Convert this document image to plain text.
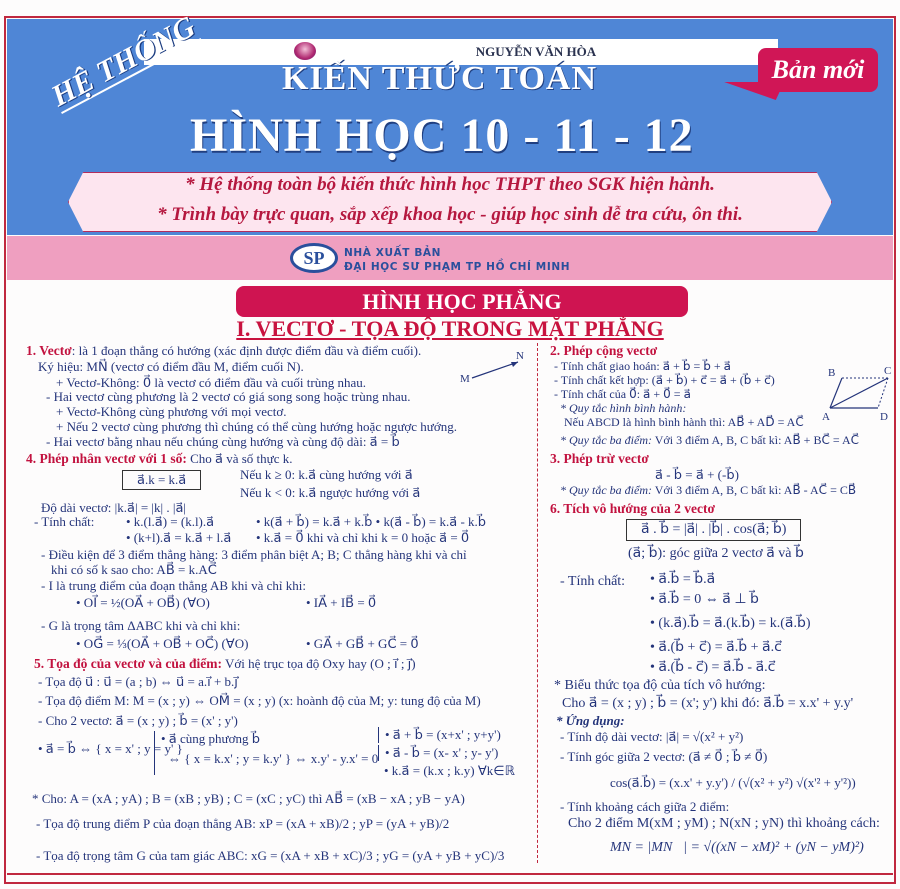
NGUYỄN VĂN HÒA
HỆ THỐNG KIẾN THỨC TOÁN
HÌNH HỌC 10 - 11 - 12
Bản mới
* Hệ thống toàn bộ kiến thức hình học THPT theo SGK hiện hành.
* Trình bày trực quan, sắp xếp khoa học - giúp học sinh dễ tra cứu, ôn thi.
SP	NHÀ XUẤT BẢN
ĐẠI HỌC SƯ PHẠM TP HỒ CHÍ MINH
HÌNH HỌC PHẲNG
I. VECTƠ - TỌA ĐỘ TRONG MẶT PHẲNG
1. Vectơ: là 1 đoạn thẳng có hướng (xác định được điểm đầu và điểm cuối).
Ký hiệu: MN⃗ (vectơ có điểm đầu M, điểm cuối N).
+ Vectơ-Không: 0⃗ là vectơ có điểm đầu và cuối trùng nhau.
- Hai vectơ cùng phương là 2 vectơ có giá song song hoặc trùng nhau.
+ Vectơ-Không cùng phương với mọi vectơ.
+ Nếu 2 vectơ cùng phương thì chúng có thể cùng hướng hoặc ngược hướng.
- Hai vectơ bằng nhau nếu chúng cùng hướng và cùng độ dài: a⃗ = b⃗
4. Phép nhân vectơ với 1 số: Cho a⃗ và số thực k.
a⃗.k = k.a⃗	Nếu k ≥ 0: k.a⃗ cùng hướng với a⃗
Nếu k < 0: k.a⃗ ngược hướng với a⃗
Độ dài vectơ: |k.a⃗| = |k| . |a⃗|
- Tính chất: • k.(l.a⃗) = (k.l).a⃗	• k(a⃗ + b⃗) = k.a⃗ + k.b⃗ • k(a⃗ - b⃗) = k.a⃗ - k.b⃗
• (k+l).a⃗ = k.a⃗ + l.a⃗ • k.a⃗ = 0⃗ khi và chỉ khi k = 0 hoặc a⃗ = 0⃗
- Điều kiện để 3 điểm thẳng hàng: 3 điểm phân biệt A; B; C thẳng hàng khi và chỉ
khi có số k sao cho: AB⃗ = k.AC⃗
- I là trung điểm của đoạn thẳng AB khi và chỉ khi:
• OI⃗ = ½(OA⃗ + OB⃗) (∀O)	• IA⃗ + IB⃗ = 0⃗
- G là trọng tâm ΔABC khi và chỉ khi:
• OG⃗ = ⅓(OA⃗ + OB⃗ + OC⃗) (∀O)	• GA⃗ + GB⃗ + GC⃗ = 0⃗
5. Tọa độ của vectơ và của điểm: Với hệ trục tọa độ Oxy hay (O ; i⃗ ; j⃗)
- Tọa độ u⃗ : u⃗ = (a ; b) ⇔ u⃗ = a.i⃗ + b.j⃗
- Tọa độ điểm M: M = (x ; y) ⇔ OM⃗ = (x ; y) (x: hoành độ của M; y: tung độ của M)
- Cho 2 vectơ: a⃗ = (x ; y) ; b⃗ = (x' ; y')
• a⃗ = b⃗ ⇔ { x = x' ; y = y' }
• a⃗ cùng phương b⃗
⇔ { x = k.x' ; y = k.y' } ⇔ x.y' - y.x' = 0
• a⃗ + b⃗ = (x+x' ; y+y')
• a⃗ - b⃗ = (x- x' ; y- y')
• k.a⃗ = (k.x ; k.y) ∀k∈ℝ
* Cho: A = (xA ; yA) ; B = (xB ; yB) ; C = (xC ; yC) thì AB⃗ = (xB − xA ; yB − yA)
- Tọa độ trung điểm P của đoạn thẳng AB: xP = (xA + xB)/2 ; yP = (yA + yB)/2
- Tọa độ trọng tâm G của tam giác ABC: xG = (xA + xB + xC)/3 ; yG = (yA + yB + yC)/3
M
N 2. Phép cộng vectơ
- Tính chất giao hoán: a⃗ + b⃗ = b⃗ + a⃗
- Tính chất kết hợp: (a⃗ + b⃗) + c⃗ = a⃗ + (b⃗ + c⃗)
- Tính chất của 0⃗: a⃗ + 0⃗ = a⃗
* Quy tắc hình bình hành:
Nếu ABCD là hình bình hành thì: AB⃗ + AD⃗ = AC⃗
* Quy tắc ba điểm: Với 3 điểm A, B, C bất kì: AB⃗ + BC⃗ = AC⃗
3. Phép trừ vectơ
a⃗ - b⃗ = a⃗ + (-b⃗)
* Quy tắc ba điểm: Với 3 điểm A, B, C bất kì: AB⃗ - AC⃗ = CB⃗
6. Tích vô hướng của 2 vectơ
a⃗ . b⃗ = |a⃗| . |b⃗| . cos(a⃗; b⃗)
(a⃗; b⃗): góc giữa 2 vectơ a⃗ và b⃗
- Tính chất: • a⃗.b⃗ = b⃗.a⃗
• a⃗.b⃗ = 0 ⇔ a⃗ ⊥ b⃗
• (k.a⃗).b⃗ = a⃗.(k.b⃗) = k.(a⃗.b⃗)
• a⃗.(b⃗ + c⃗) = a⃗.b⃗ + a⃗.c⃗
• a⃗.(b⃗ - c⃗) = a⃗.b⃗ - a⃗.c⃗
* Biểu thức tọa độ của tích vô hướng:
Cho a⃗ = (x ; y) ; b⃗ = (x'; y') khi đó: a⃗.b⃗ = x.x' + y.y'
* Ứng dụng:
- Tính độ dài vectơ: |a⃗| = √(x² + y²)
- Tính góc giữa 2 vectơ: (a⃗ ≠ 0⃗ ; b⃗ ≠ 0⃗)
cos(a⃗.b⃗) = (x.x' + y.y') / (√(x² + y²) √(x'² + y'²))
- Tính khoảng cách giữa 2 điểm:
Cho 2 điểm M(xM ; yM) ; N(xN ; yN) thì khoảng cách:
MN = |MN⃗| = √((xN − xM)² + (yN − yM)²)
B	C
A	D
